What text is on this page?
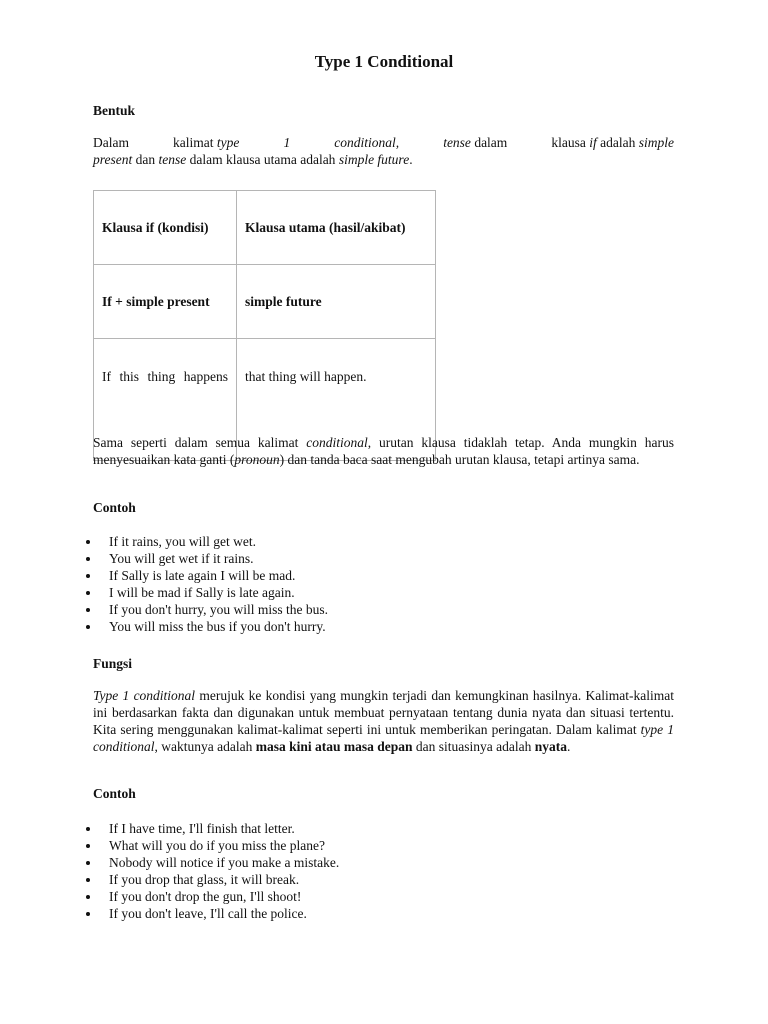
Type 1 Conditional
Bentuk
Dalam	kalimat type	1	conditional,	tense dalam	klausa if adalah simple
present dan tense dalam klausa utama adalah simple future.
Klausa if (kondisi)	Klausa utama (hasil/akibat)
If + simple present	simple future

If this thing happens	that thing will happen.
Sama seperti dalam semua kalimat conditional, urutan klausa tidaklah tetap. Anda mungkin harus menyesuaikan kata ganti (pronoun) dan tanda baca saat mengubah urutan klausa, tetapi artinya sama.
Contoh
If it rains, you will get wet.
You will get wet if it rains.
If Sally is late again I will be mad.
I will be mad if Sally is late again.
If you don't hurry, you will miss the bus.
You will miss the bus if you don't hurry.
Fungsi
Type 1 conditional merujuk ke kondisi yang mungkin terjadi dan kemungkinan hasilnya. Kalimat-kalimat ini berdasarkan fakta dan digunakan untuk membuat pernyataan tentang dunia nyata dan situasi tertentu. Kita sering menggunakan kalimat-kalimat seperti ini untuk memberikan peringatan. Dalam kalimat type 1 conditional, waktunya adalah masa kini atau masa depan dan situasinya adalah nyata.
Contoh
If I have time, I'll finish that letter.
What will you do if you miss the plane?
Nobody will notice if you make a mistake.
If you drop that glass, it will break.
If you don't drop the gun, I'll shoot!
If you don't leave, I'll call the police.
